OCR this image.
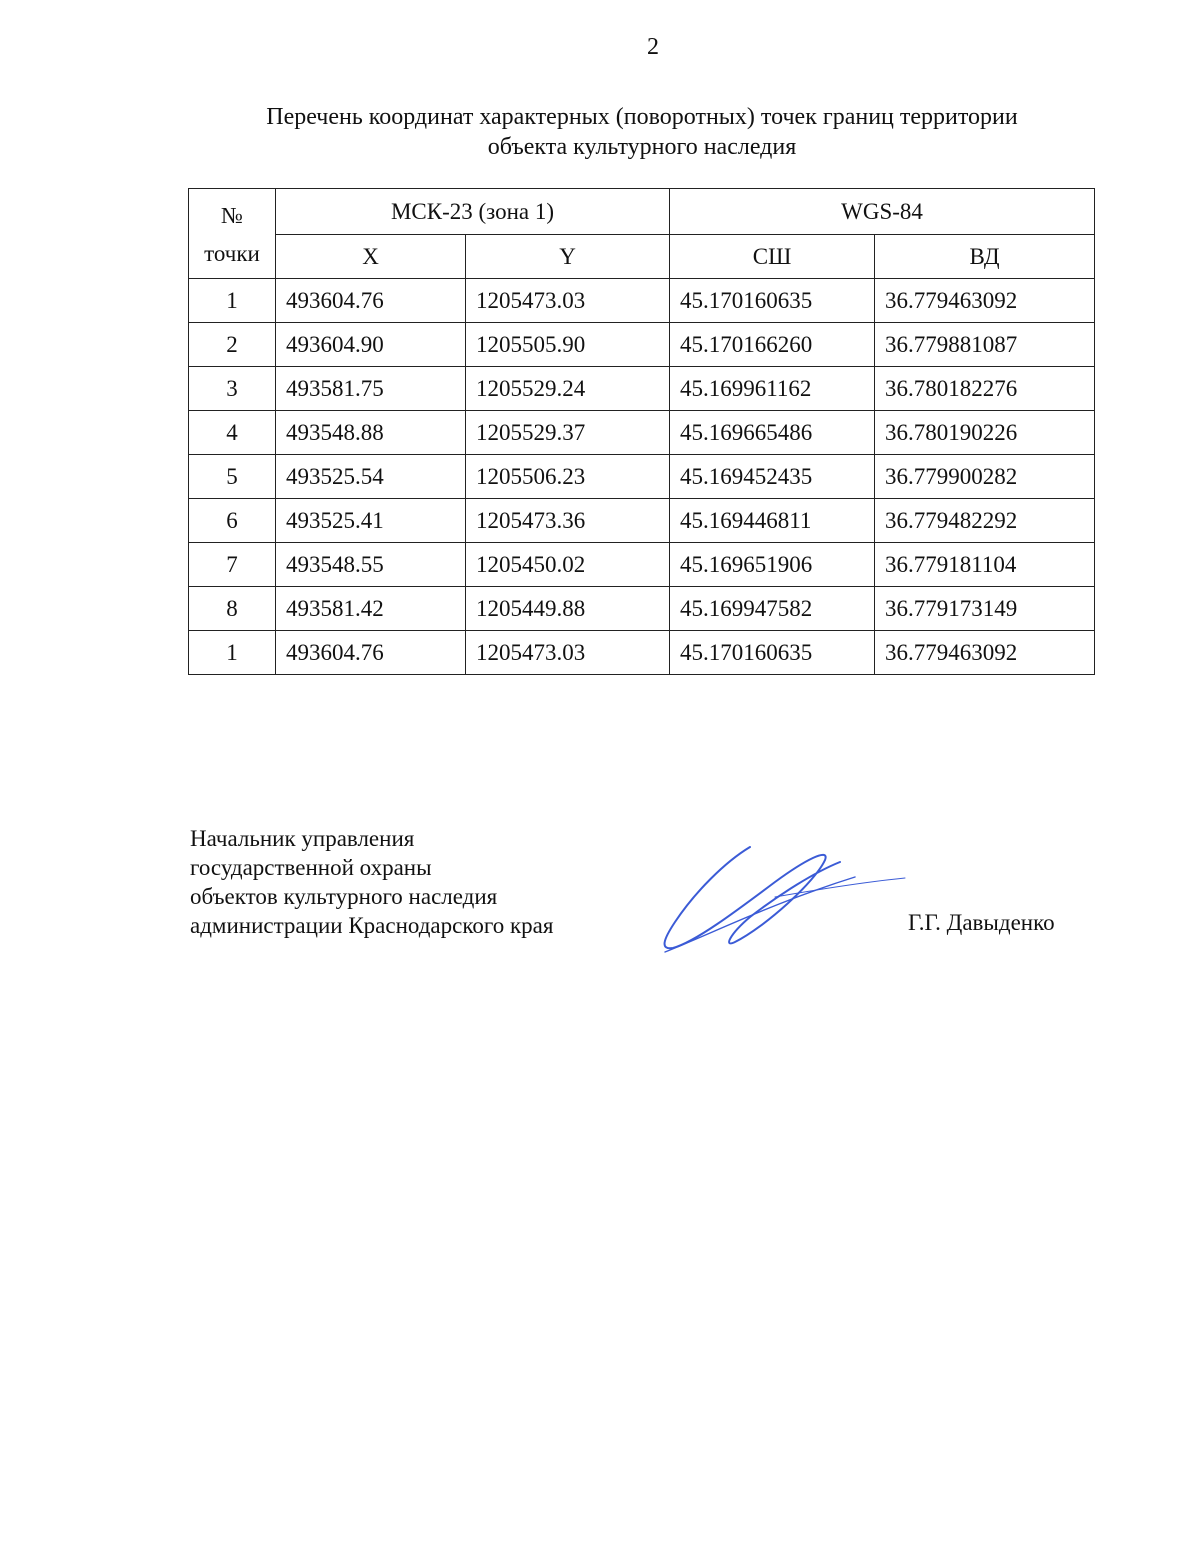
2
Перечень координат характерных (поворотных) точек границ территории
объекта культурного наследия
№
точки	МСК-23 (зона 1)		WGS-84	
	X	Y	СШ	ВД
1	493604.76	1205473.03	45.170160635	36.779463092
2	493604.90	1205505.90	45.170166260	36.779881087
3	493581.75	1205529.24	45.169961162	36.780182276
4	493548.88	1205529.37	45.169665486	36.780190226
5	493525.54	1205506.23	45.169452435	36.779900282
6	493525.41	1205473.36	45.169446811	36.779482292
7	493548.55	1205450.02	45.169651906	36.779181104
8	493581.42	1205449.88	45.169947582	36.779173149
1	493604.76	1205473.03	45.170160635	36.779463092
Начальник управления
государственной охраны
объектов культурного наследия
администрации Краснодарского края	Г.Г. Давыденко
